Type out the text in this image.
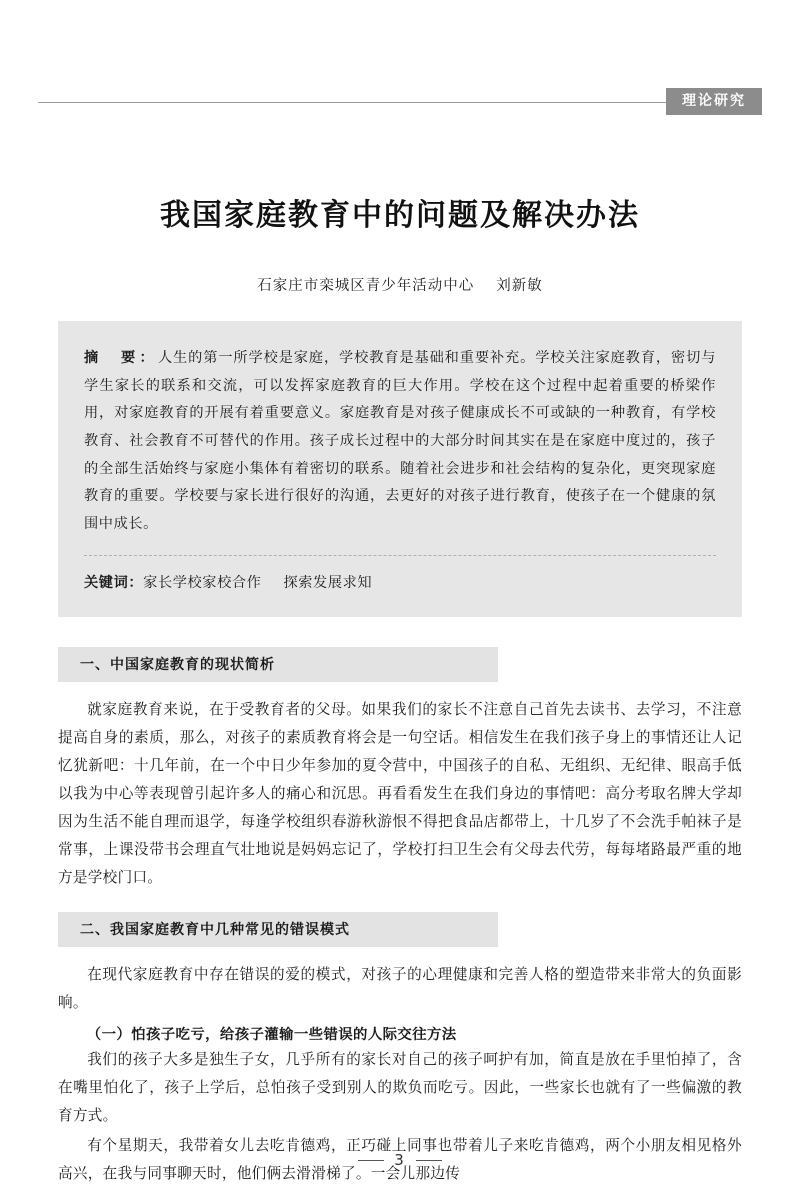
理论研究
我国家庭教育中的问题及解决办法
石家庄市栾城区青少年活动中心 刘新敏

摘　要：人生的第一所学校是家庭，学校教育是基础和重要补充。学校关注家庭教育，密切与学生家长的联系和交流，可以发挥家庭教育的巨大作用。学校在这个过程中起着重要的桥梁作用，对家庭教育的开展有着重要意义。家庭教育是对孩子健康成长不可或缺的一种教育，有学校教育、社会教育不可替代的作用。孩子成长过程中的大部分时间其实在是在家庭中度过的，孩子的全部生活始终与家庭小集体有着密切的联系。随着社会进步和社会结构的复杂化，更突现家庭教育的重要。学校要与家长进行很好的沟通，去更好的对孩子进行教育，使孩子在一个健康的氛围中成长。

关键词：家长学校家校合作 探索发展求知
一、中国家庭教育的现状简析

就家庭教育来说，在于受教育者的父母。如果我们的家长不注意自己首先去读书、去学习，不注意提高自身的素质，那么，对孩子的素质教育将会是一句空话。相信发生在我们孩子身上的事情还让人记忆犹新吧：十几年前，在一个中日少年参加的夏令营中，中国孩子的自私、无组织、无纪律、眼高手低以我为中心等表现曾引起许多人的痛心和沉思。再看看发生在我们身边的事情吧：高分考取名牌大学却因为生活不能自理而退学，每逢学校组织春游秋游恨不得把食品店都带上，十几岁了不会洗手帕袜子是常事，上课没带书会理直气壮地说是妈妈忘记了，学校打扫卫生会有父母去代劳，每每堵路最严重的地方是学校门口。

二、我国家庭教育中几种常见的错误模式

在现代家庭教育中存在错误的爱的模式，对孩子的心理健康和完善人格的塑造带来非常大的负面影响。

（一）怕孩子吃亏，给孩子灌输一些错误的人际交往方法

我们的孩子大多是独生子女，几乎所有的家长对自己的孩子呵护有加，简直是放在手里怕掉了，含在嘴里怕化了，孩子上学后，总怕孩子受到别人的欺负而吃亏。因此，一些家长也就有了一些偏激的教育方式。

有个星期天，我带着女儿去吃肯德鸡，正巧碰上同事也带着儿子来吃肯德鸡，两个小朋友相见格外高兴，在我与同事聊天时，他们俩去滑滑梯了。一会儿那边传

3
